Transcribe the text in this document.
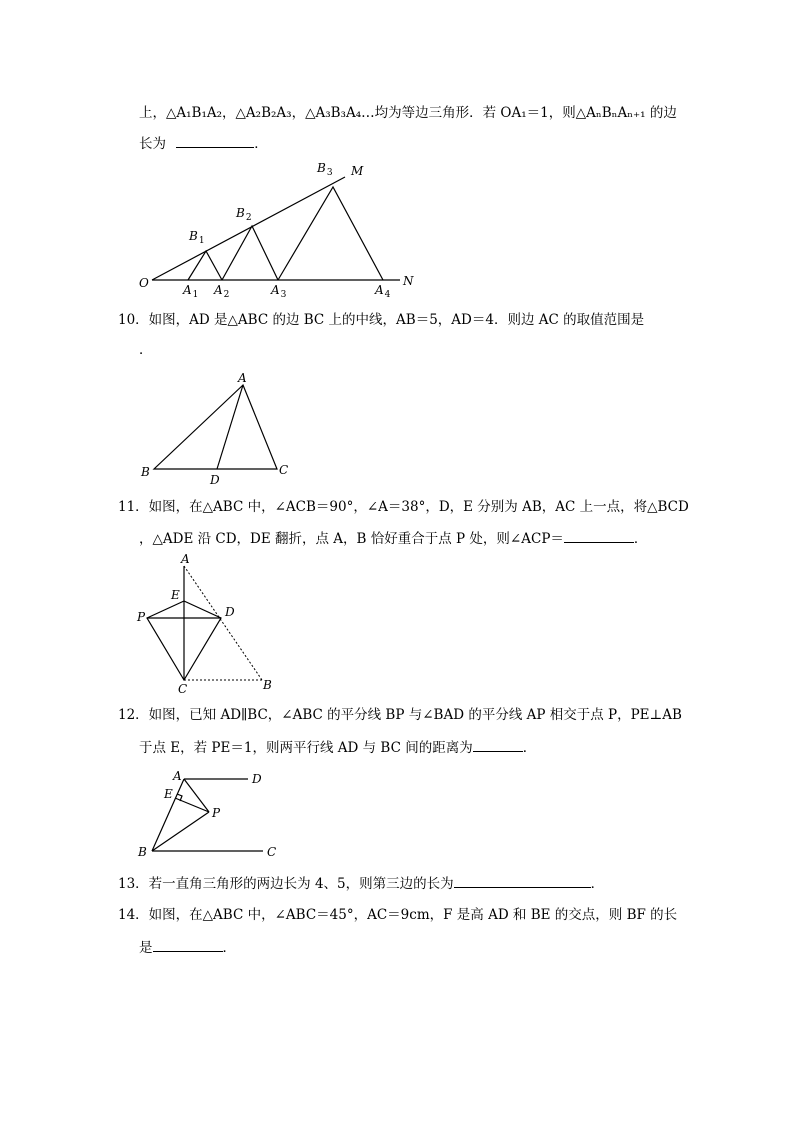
上，△A₁B₁A₂，△A₂B₂A₃，△A₃B₃A₄…均为等边三角形．若 OA₁＝1，则△AₙBₙAₙ₊₁ 的边
长为	．
O	N
M
$B_1$
$B_2$
$B_3$
$A_1$ $A_2$	$A_3$	$A_4$
10．如图，AD 是△ABC 的边 BC 上的中线，AB＝5，AD＝4．则边 AC 的取值范围是
．
A
B	C
D
11．如图，在△ABC 中，∠ACB＝90°，∠A＝38°，D，E 分别为 AB，AC 上一点，将△BCD
，△ADE 沿 CD，DE 翻折，点 A，B 恰好重合于点 P 处，则∠ACP＝	．
A
E
D
P
C	B
12．如图，已知 AD∥BC，∠ABC 的平分线 BP 与∠BAD 的平分线 AP 相交于点 P，PE⊥AB
于点 E，若 PE＝1，则两平行线 AD 与 BC 间的距离为	．
A	D
E
P
B	C
13．若一直角三角形的两边长为 4、5，则第三边的长为	．
14．如图，在△ABC 中，∠ABC＝45°，AC＝9cm，F 是高 AD 和 BE 的交点，则 BF 的长
是	．
